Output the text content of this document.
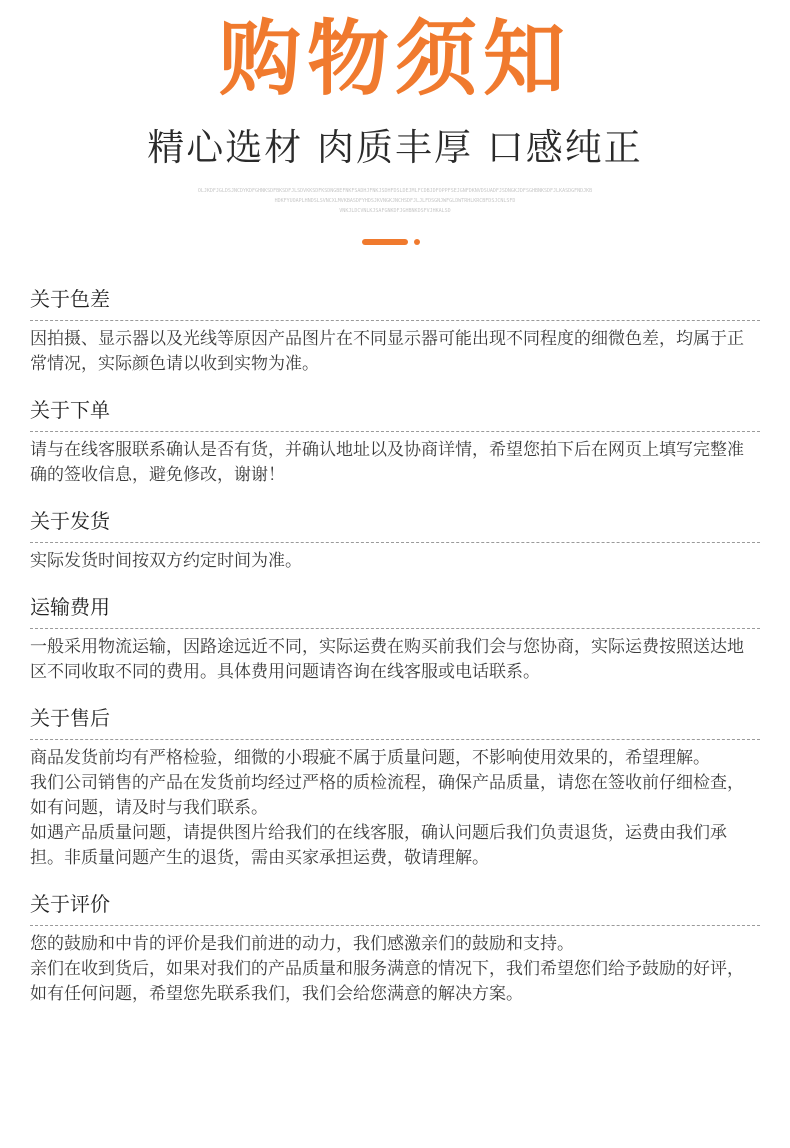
购物须知
精心选材 肉质丰厚 口感纯正
OLJKDFJGLDSJNCDYKDFGHNKSDFBKSDFJLSDVKKSDFKSDNGBEFNKFSADHJFNKJSDHFDSLDEJMLFCDBJDFOPPFSEJGNFDKNVDSUADFJSDNGKJDFSGHBNKSDFJLKASDGFNDJKB
HDKFYUOAPLHNDSLSVNCXLMVKBASDFYHDSJKVNGKJNCHSDFJLJLFDSGNJWFGLDWTRHLKRCBFDSJCNLSFD
VNKJLDCVNLKJSAFGNKDFJGHBNKDSFVJHKALSD
关于色差

因拍摄、显示器以及光线等原因产品图片在不同显示器可能出现不同程度的细微色差，均属于正常情况，实际颜色请以收到实物为准。

关于下单

请与在线客服联系确认是否有货，并确认地址以及协商详情，希望您拍下后在网页上填写完整准确的签收信息，避免修改，谢谢！

关于发货

实际发货时间按双方约定时间为准。

运输费用

一般采用物流运输，因路途远近不同，实际运费在购买前我们会与您协商，实际运费按照送达地区不同收取不同的费用。具体费用问题请咨询在线客服或电话联系。

关于售后

商品发货前均有严格检验，细微的小瑕疵不属于质量问题，不影响使用效果的，希望理解。

我们公司销售的产品在发货前均经过严格的质检流程，确保产品质量，请您在签收前仔细检查，如有问题，请及时与我们联系。

如遇产品质量问题，请提供图片给我们的在线客服，确认问题后我们负责退货，运费由我们承担。非质量问题产生的退货，需由买家承担运费，敬请理解。

关于评价

您的鼓励和中肯的评价是我们前进的动力，我们感激亲们的鼓励和支持。

亲们在收到货后，如果对我们的产品质量和服务满意的情况下，我们希望您们给予鼓励的好评，如有任何问题，希望您先联系我们，我们会给您满意的解决方案。
